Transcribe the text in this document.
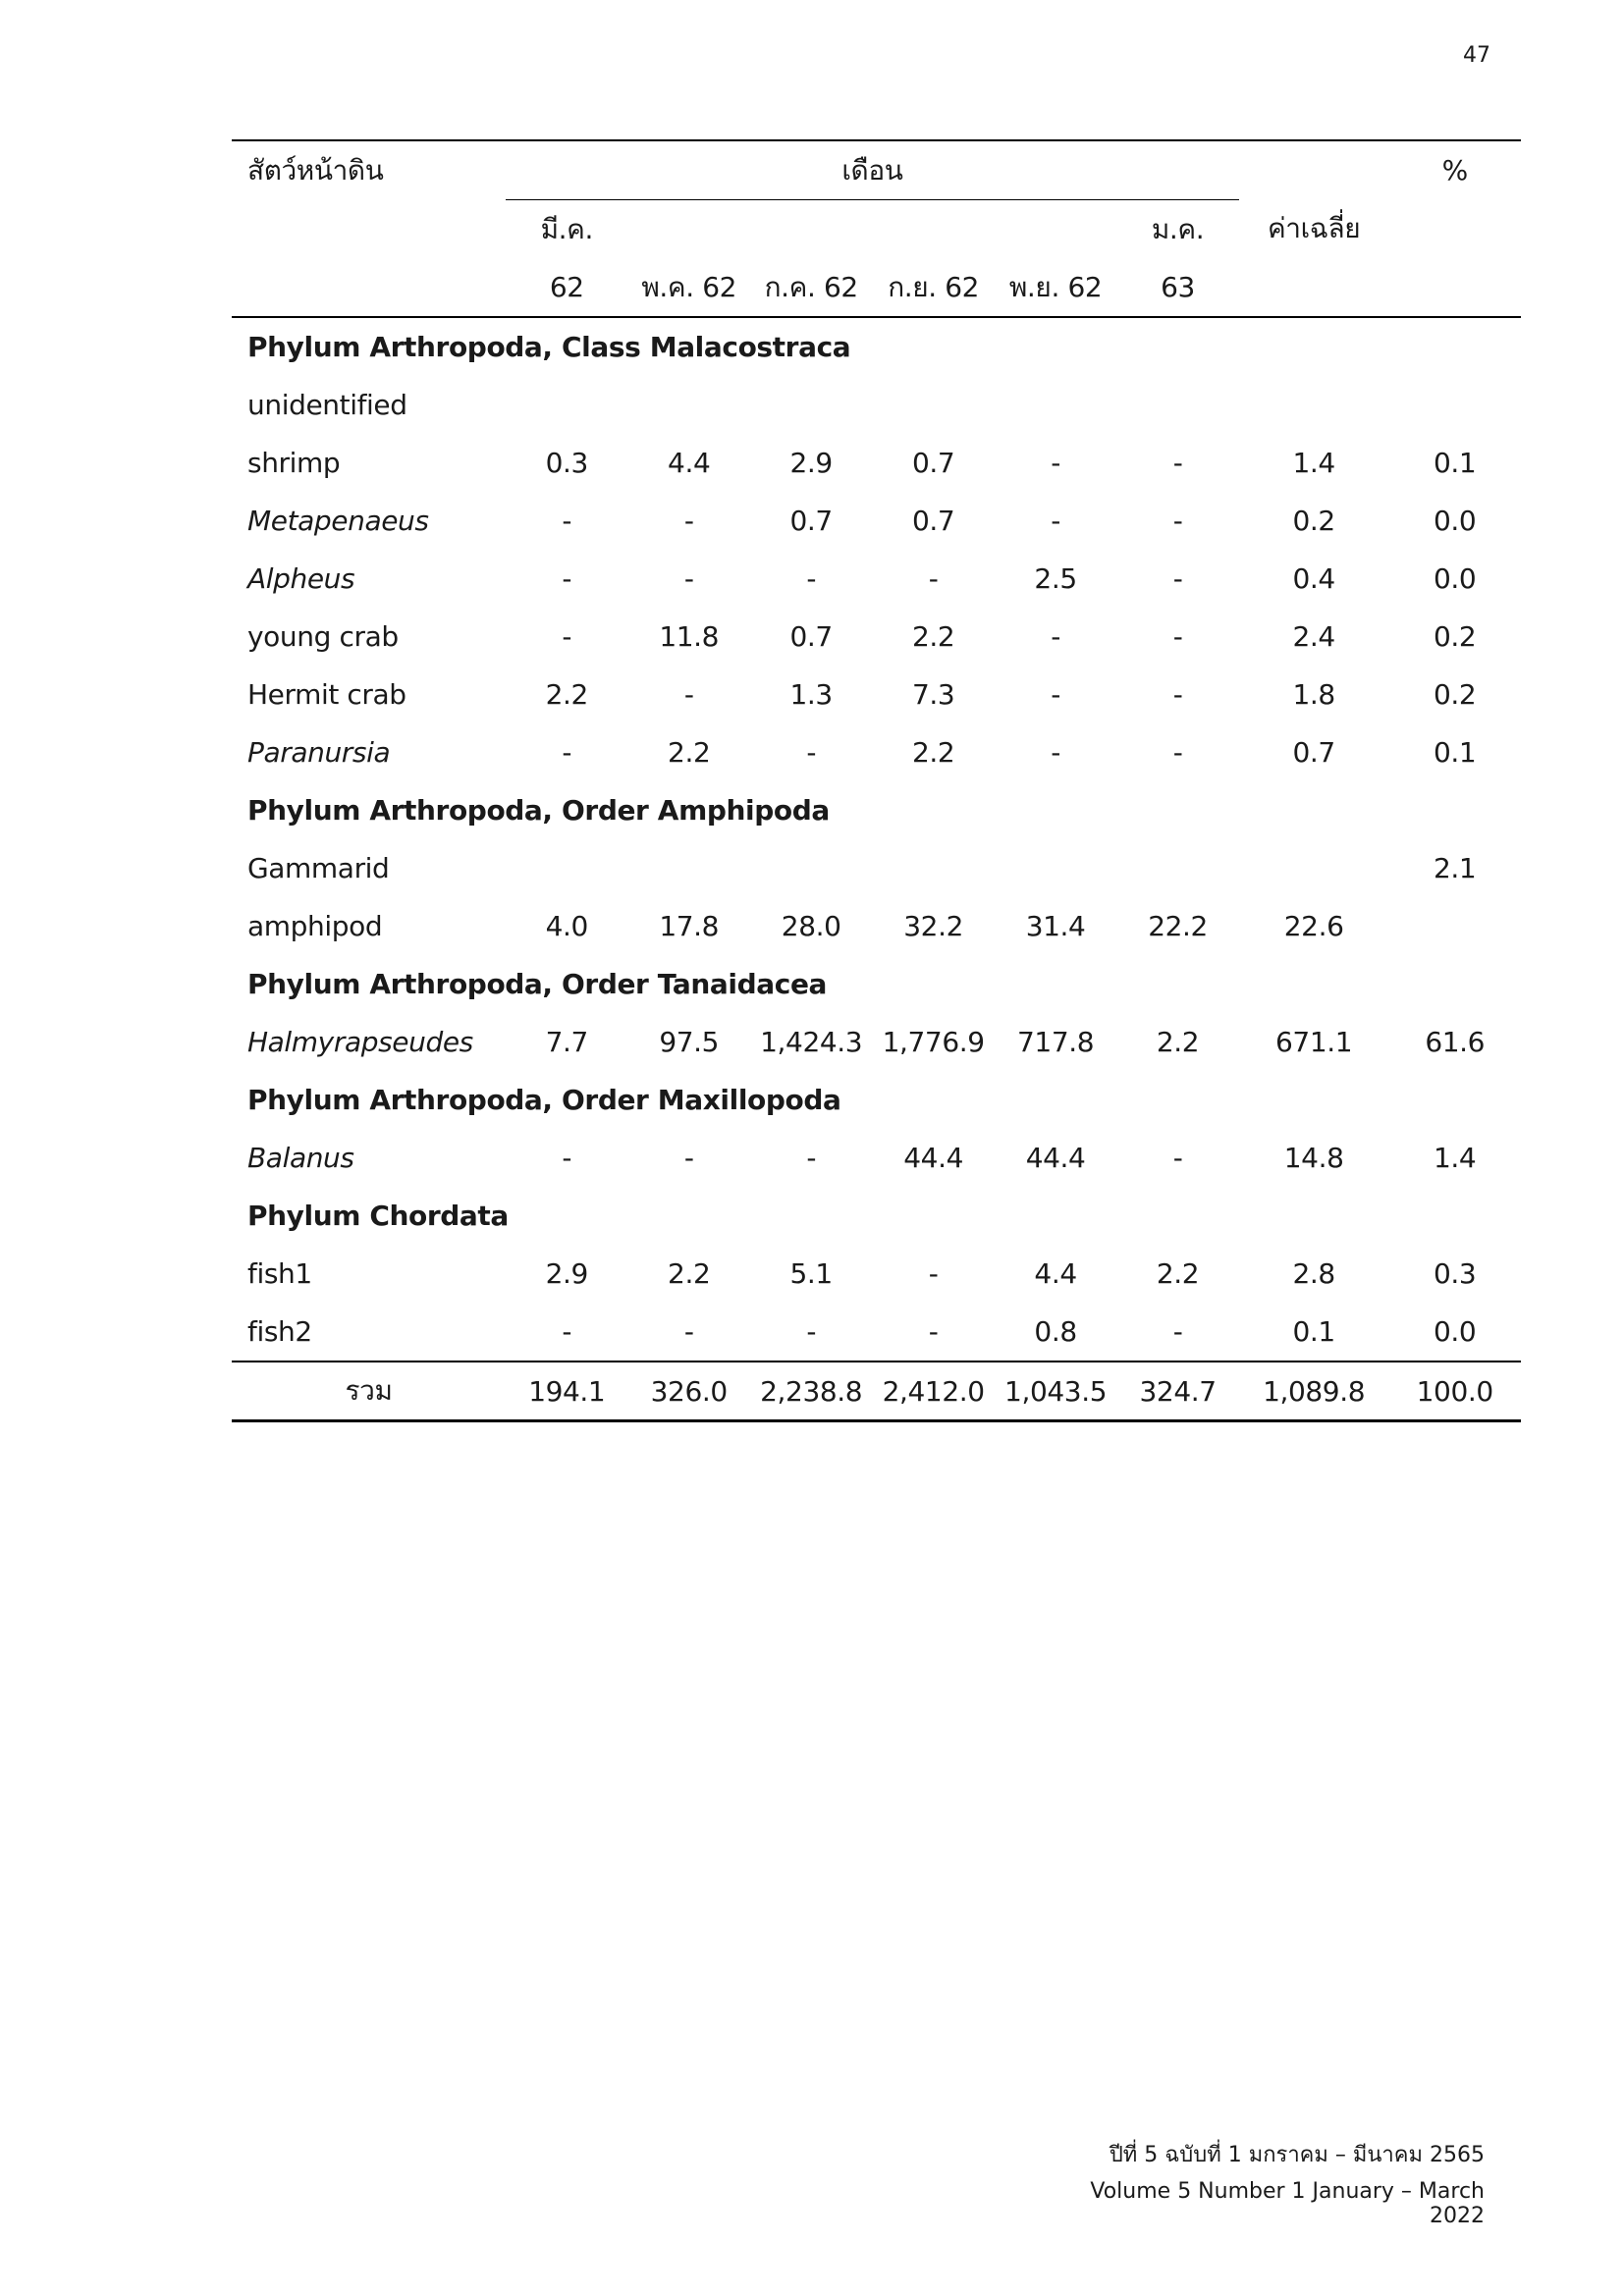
47
สัตว์หน้าดิน	เดือน							%
	มี.ค.					ม.ค.	ค่าเฉลี่ย	
	62	พ.ค. 62	ก.ค. 62	ก.ย. 62	พ.ย. 62	63		
Phylum Arthropoda, Class Malacostraca								
unidentified								
shrimp	0.3	4.4	2.9	0.7	-	-	1.4	0.1
Metapenaeus	-	-	0.7	0.7	-	-	0.2	0.0
Alpheus	-	-	-	-	2.5	-	0.4	0.0
young crab	-	11.8	0.7	2.2	-	-	2.4	0.2
Hermit crab	2.2	-	1.3	7.3	-	-	1.8	0.2
Paranursia	-	2.2	-	2.2	-	-	0.7	0.1
Phylum Arthropoda, Order Amphipoda								
Gammarid								2.1
amphipod	4.0	17.8	28.0	32.2	31.4	22.2	22.6	
Phylum Arthropoda, Order Tanaidacea								
Halmyrapseudes	7.7	97.5	1,424.3	1,776.9	717.8	2.2	671.1	61.6
Phylum Arthropoda, Order Maxillopoda								
Balanus	-	-	-	44.4	44.4	-	14.8	1.4
Phylum Chordata								
fish1	2.9	2.2	5.1	-	4.4	2.2	2.8	0.3
fish2	-	-	-	-	0.8	-	0.1	0.0
รวม	194.1	326.0	2,238.8	2,412.0	1,043.5	324.7	1,089.8	100.0
ปีที่ 5 ฉบับที่ 1 มกราคม – มีนาคม 2565
Volume 5 Number 1 January – March 2022
